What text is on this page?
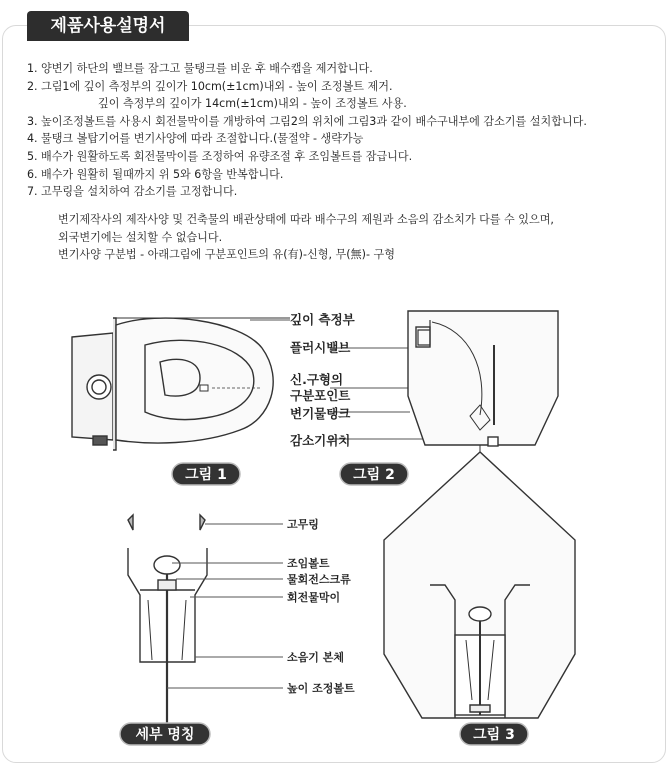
제품사용설명서
1. 양변기 하단의 밸브를 잠그고 물탱크를 비운 후 배수캡을 제거합니다.
2. 그림1에 깊이 측정부의 깊이가 10cm(±1cm)내외 - 높이 조정볼트 제거.
깊이 측정부의 깊이가 14cm(±1cm)내외 - 높이 조정볼트 사용.
3. 높이조정볼트를 사용시 회전물막이를 개방하여 그림2의 위치에 그림3과 같이 배수구내부에 감소기를 설치합니다.
4. 물탱크 볼탑기어를 변기사양에 따라 조절합니다.(물절약 - 생략가능
5. 배수가 원활하도록 회전물막이를 조정하여 유량조절 후 조임볼트를 잠급니다.
6. 배수가 원활히 될때까지 위 5와 6항을 반복합니다.
7. 고무링을 설치하여 감소기를 고정합니다.
변기제작사의 제작사양 및 건축물의 배관상태에 따라 배수구의 제원과 소음의 감소치가 다를 수 있으며,
외국변기에는 설치할 수 없습니다.
변기사양 구분법 - 아래그림에 구분포인트의 유(有)-신형, 무(無)- 구형
깊이 측정부
플러시밸브
신.구형의
구분포인트
변기물탱크
감소기위치
고무링
조임볼트
물회전스크류
회전물막이
소음기 본체
높이 조정볼트
그림 1	그림 2
그림 3
세부 명칭
